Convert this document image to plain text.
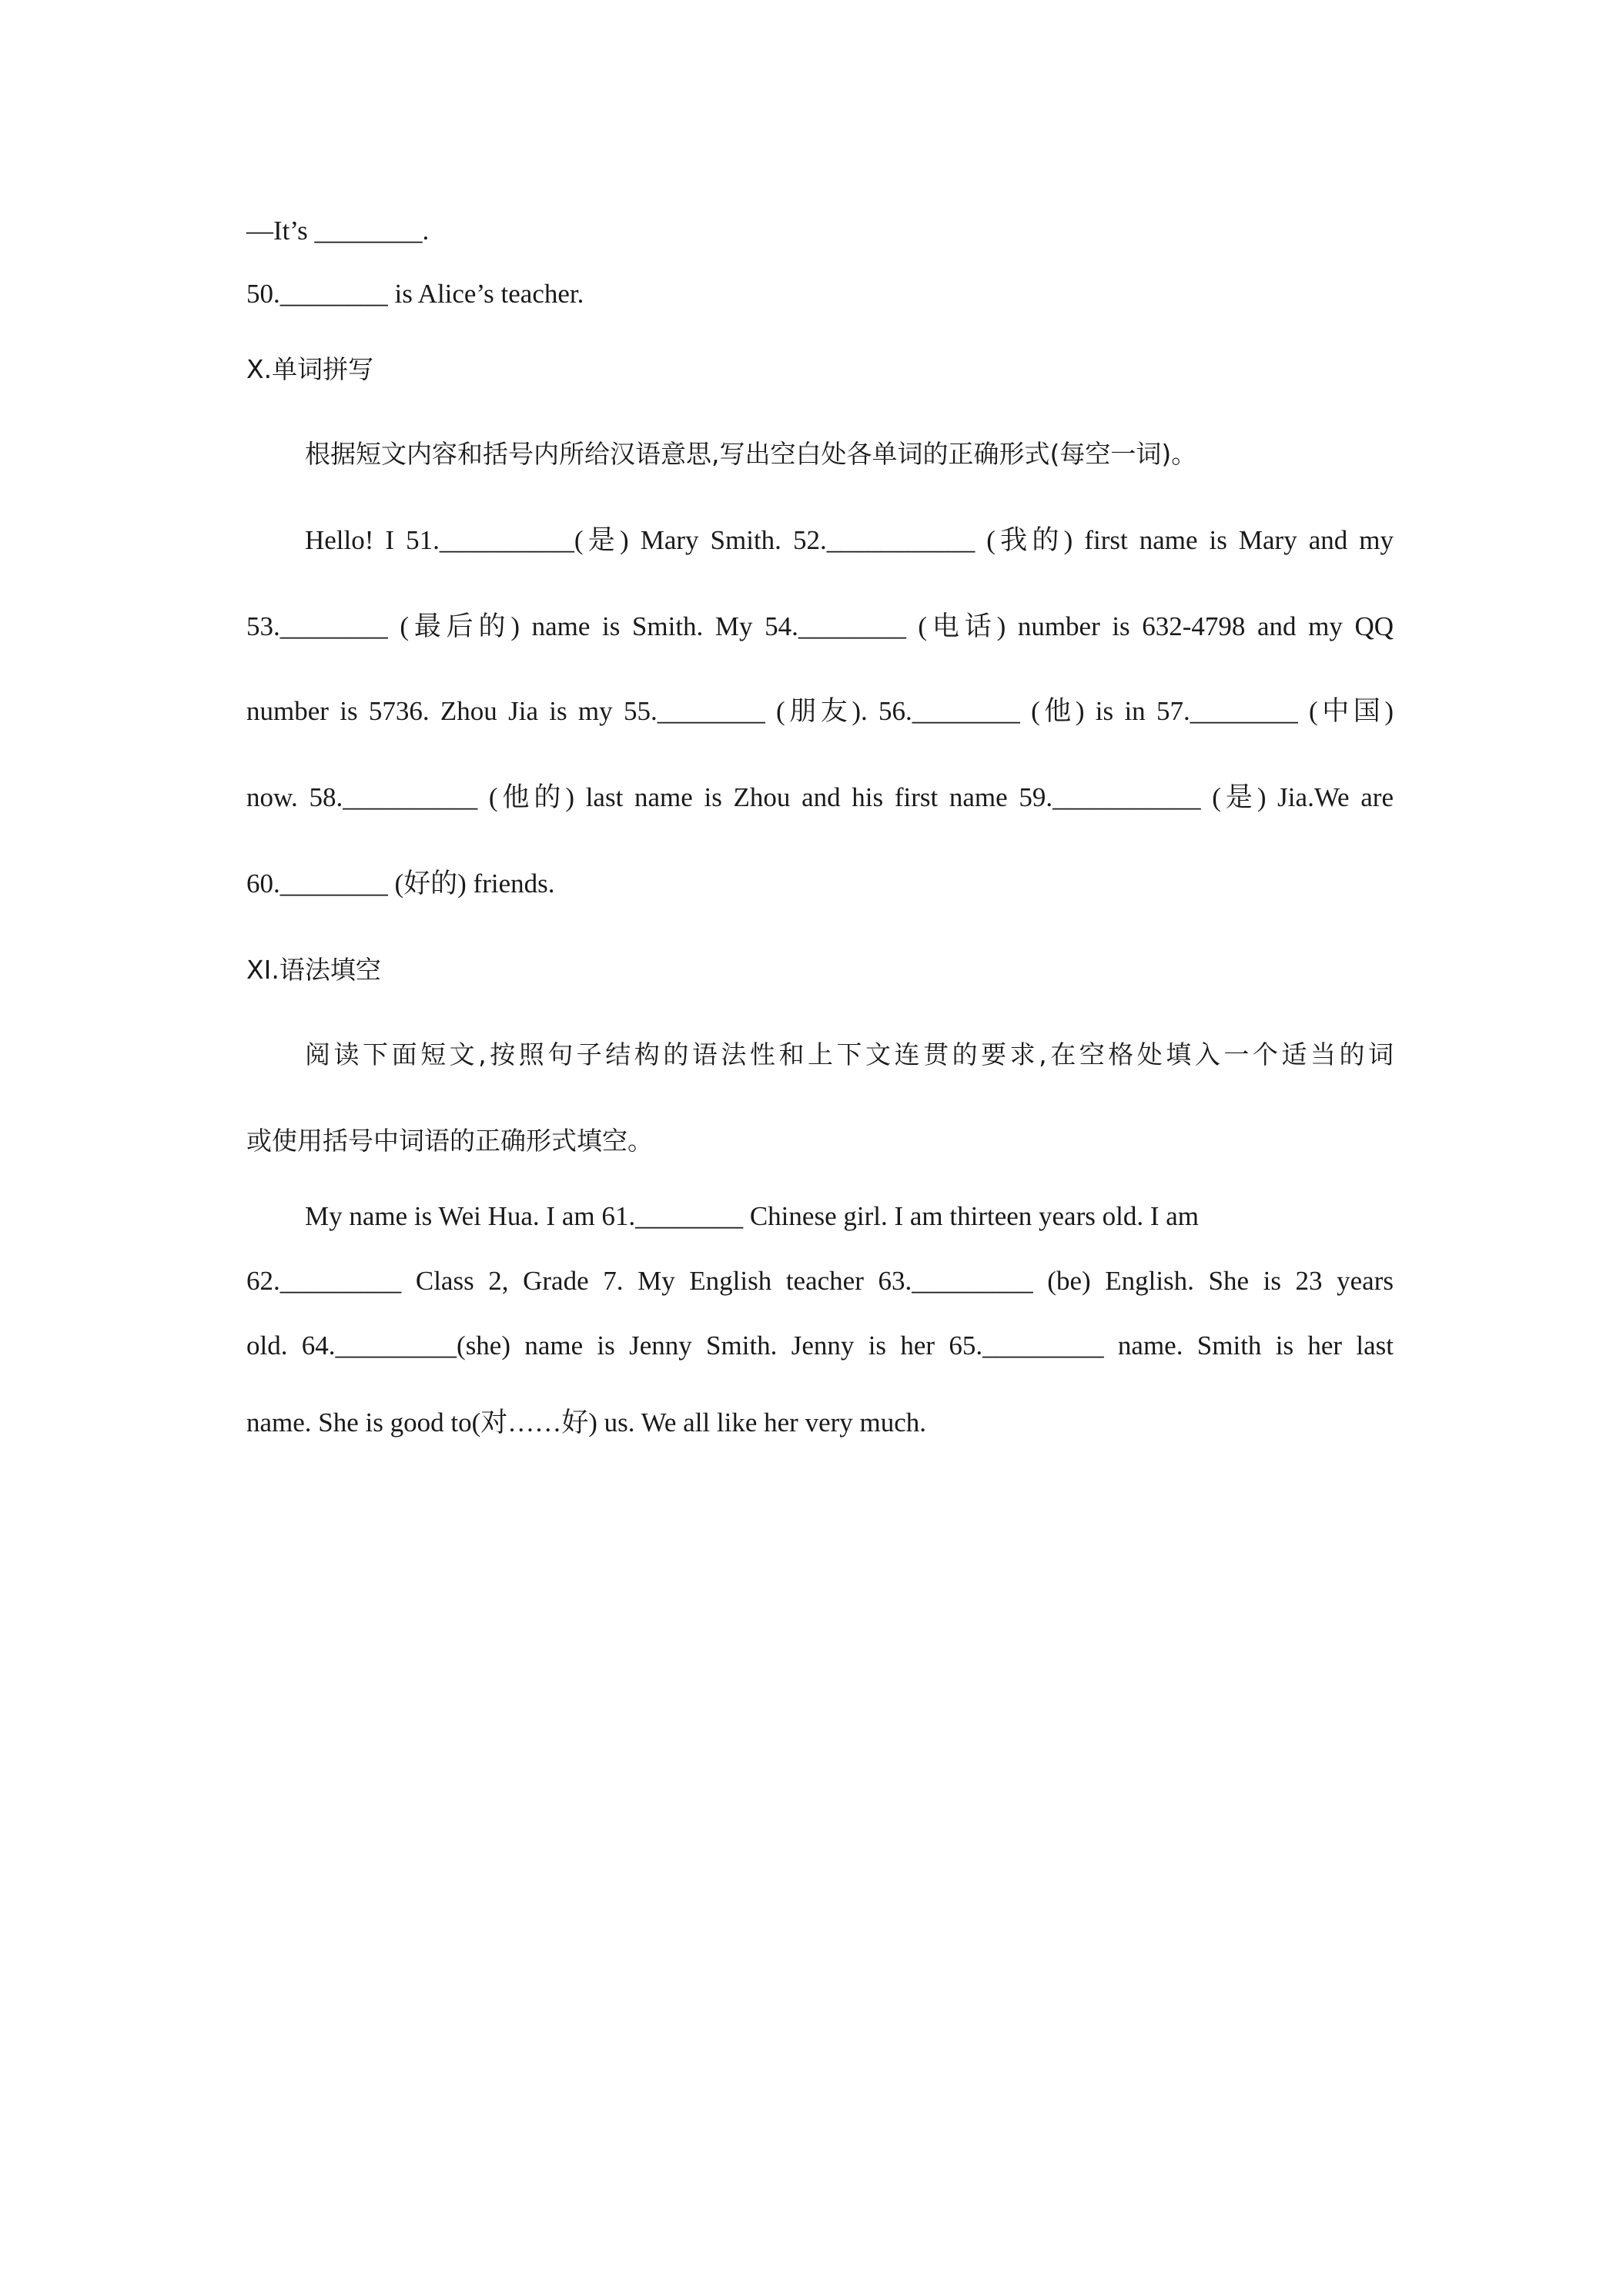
—It’s ________.
50.________ is Alice’s teacher.
X.单词拼写
根据短文内容和括号内所给汉语意思,写出空白处各单词的正确形式(每空一词)。
Hello! I 51.__________(是) Mary Smith. 52.___________ (我的) first name is Mary and my
53.________ (最后的) name is Smith. My 54.________ (电话) number is 632-4798 and my QQ
number is 5736. Zhou Jia is my 55.________ (朋友). 56.________ (他) is in 57.________ (中国)
now. 58.__________ (他的) last name is Zhou and his first name 59.___________ (是) Jia.We are
60.________ (好的) friends.
XI.语法填空
阅读下面短文,按照句子结构的语法性和上下文连贯的要求,在空格处填入一个适当的词
或使用括号中词语的正确形式填空。
My name is Wei Hua. I am 61.________ Chinese girl. I am thirteen years old. I am
62._________ Class 2, Grade 7. My English teacher 63._________ (be) English. She is 23 years
old. 64._________(she) name is Jenny Smith. Jenny is her 65._________ name. Smith is her last
name. She is good to(对……好) us. We all like her very much.
